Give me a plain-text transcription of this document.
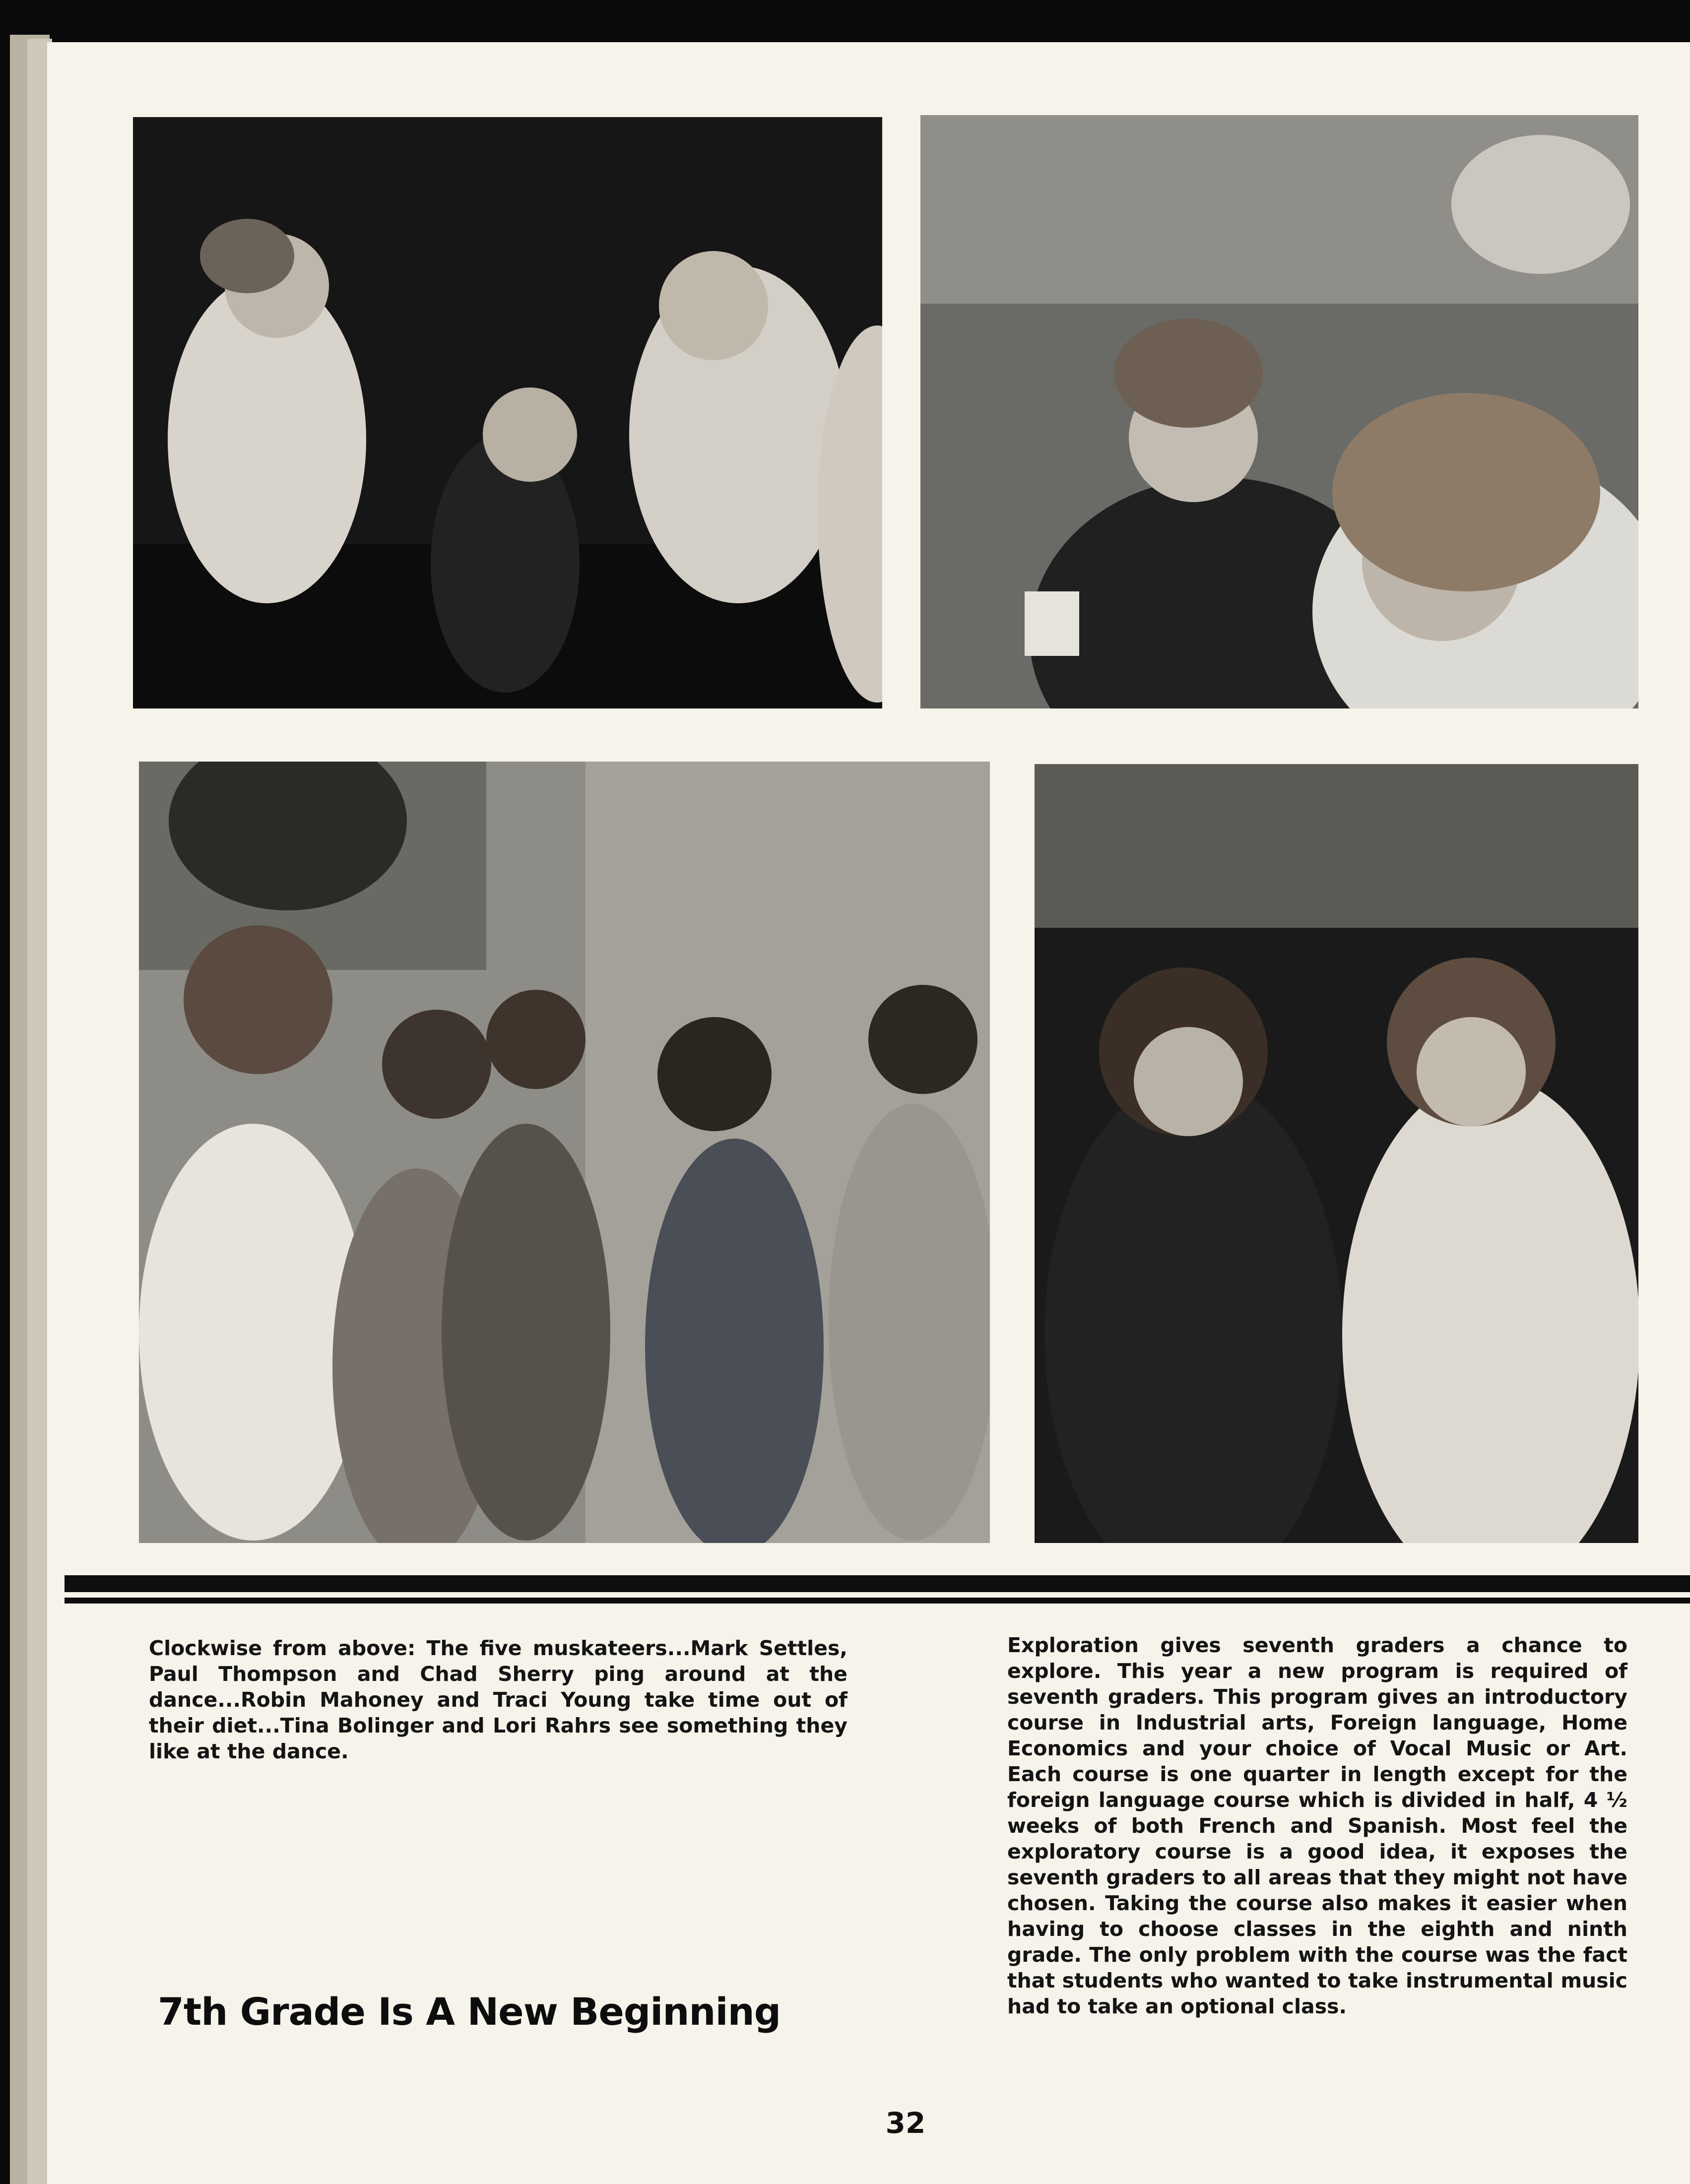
Clockwise from above: The five muskateers...Mark Settles, Paul Thompson and Chad Sherry ping around at the dance...Robin Mahoney and Traci Young take time out of their diet...Tina Bolinger and Lori Rahrs see something they like at the dance.
Exploration gives seventh graders a chance to explore. This year a new program is required of seventh graders. This program gives an introductory course in Industrial arts, Foreign language, Home Economics and your choice of Vocal Music or Art. Each course is one quarter in length except for the foreign language course which is divided in half, 4 ½ weeks of both French and Spanish. Most feel the exploratory course is a good idea, it exposes the seventh graders to all areas that they might not have chosen. Taking the course also makes it easier when having to choose classes in the eighth and ninth grade. The only problem with the course was the fact that students who wanted to take instrumental music had to take an optional class.
7th Grade Is A New Beginning
32
